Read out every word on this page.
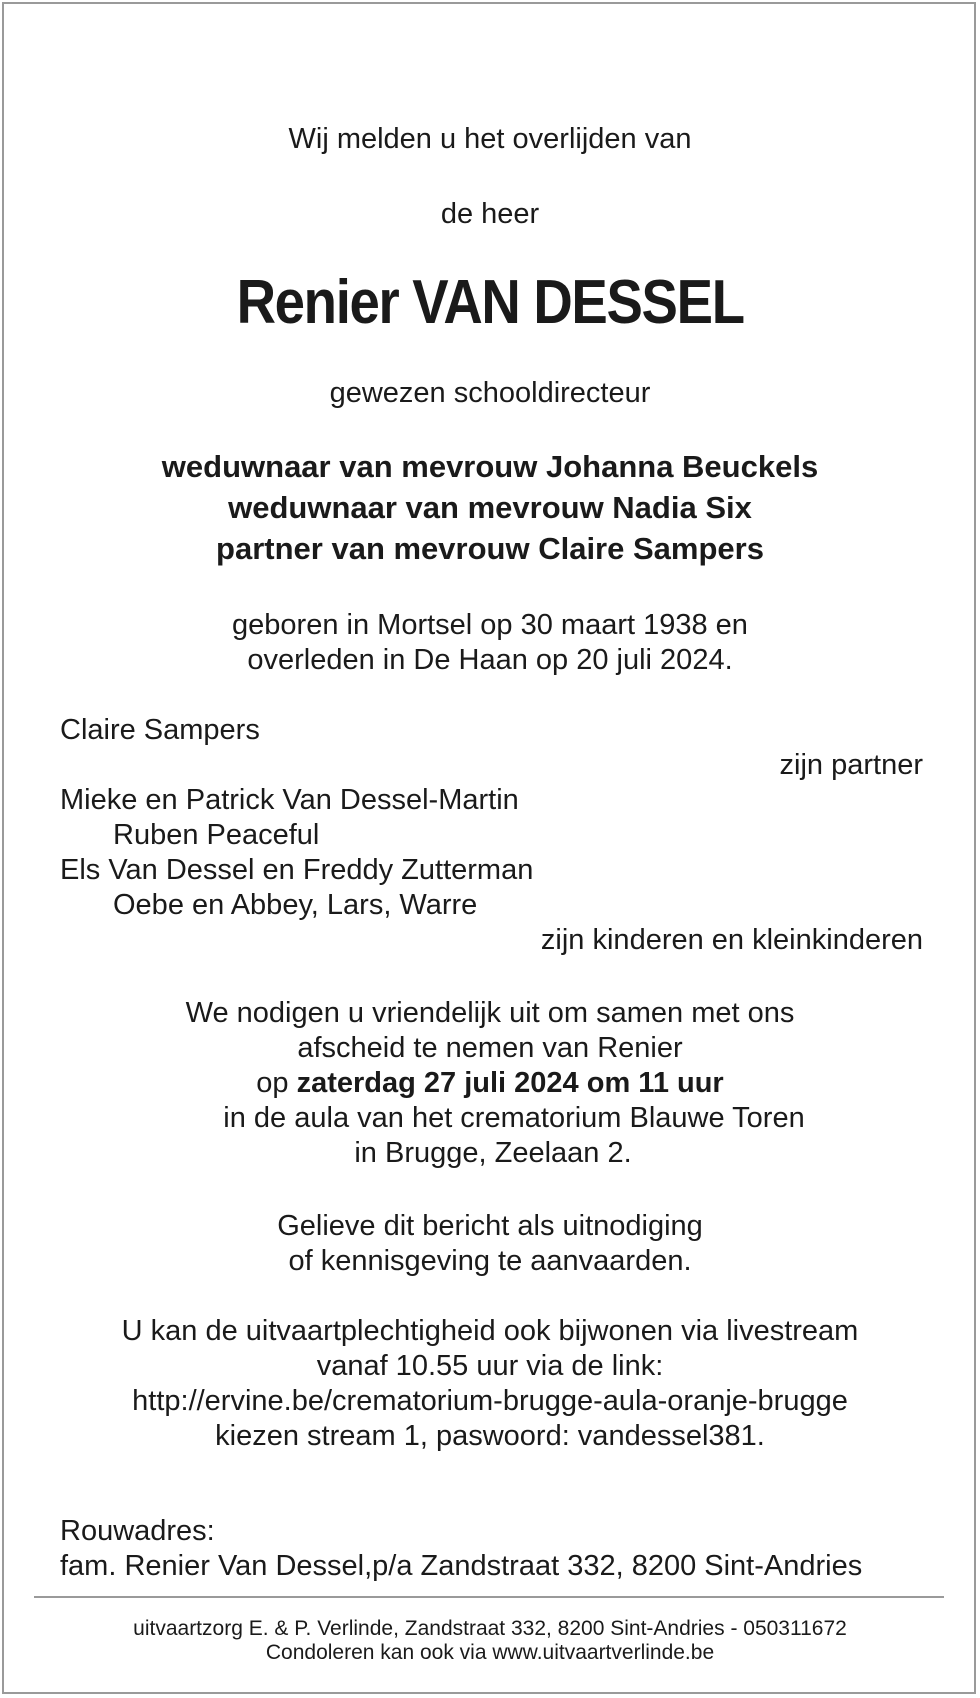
Wij melden u het overlijden van
de heer
Renier VAN DESSEL
gewezen schooldirecteur
weduwnaar van mevrouw Johanna Beuckels
weduwnaar van mevrouw Nadia Six
partner van mevrouw Claire Sampers
geboren in Mortsel op 30 maart 1938 en
overleden in De Haan op 20 juli 2024.
Claire Sampers
zijn partner
Mieke en Patrick Van Dessel-Martin
Ruben Peaceful
Els Van Dessel en Freddy Zutterman
Oebe en Abbey, Lars, Warre
zijn kinderen en kleinkinderen
We nodigen u vriendelijk uit om samen met ons
afscheid te nemen van Renier
op zaterdag 27 juli 2024 om 11 uur
in de aula van het crematorium Blauwe Toren
in Brugge, Zeelaan 2.
Gelieve dit bericht als uitnodiging
of kennisgeving te aanvaarden.
U kan de uitvaartplechtigheid ook bijwonen via livestream
vanaf 10.55 uur via de link:
http://ervine.be/crematorium-brugge-aula-oranje-brugge
kiezen stream 1, paswoord: vandessel381.
Rouwadres:
fam. Renier Van Dessel,p/a Zandstraat 332, 8200 Sint-Andries
uitvaartzorg E. & P. Verlinde, Zandstraat 332, 8200 Sint-Andries - 050311672
Condoleren kan ook via www.uitvaartverlinde.be
